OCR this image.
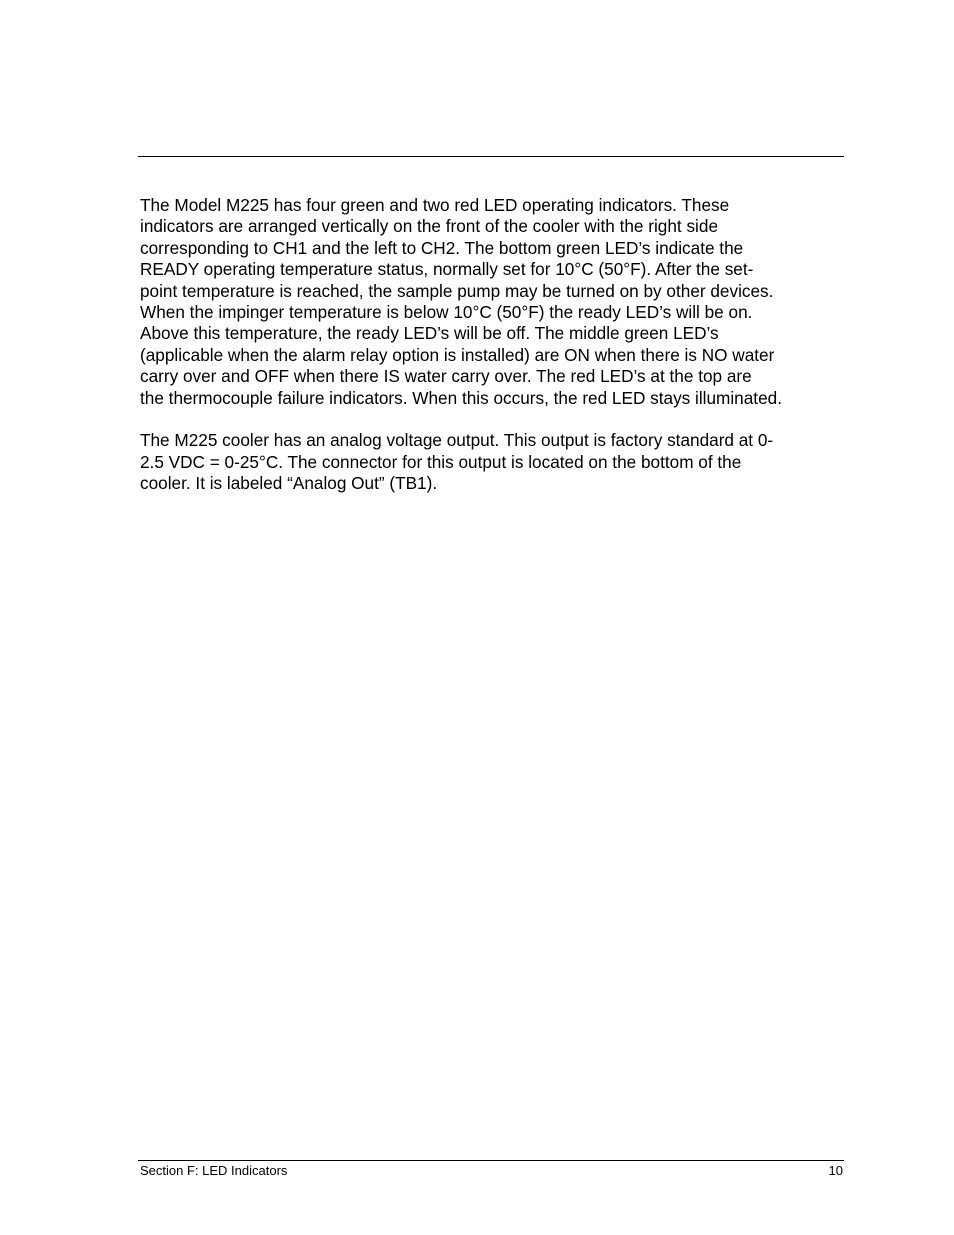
The Model M225 has four green and two red LED operating indicators. These
indicators are arranged vertically on the front of the cooler with the right side
corresponding to CH1 and the left to CH2. The bottom green LED’s indicate the
READY operating temperature status, normally set for 10°C (50°F). After the set-
point temperature is reached, the sample pump may be turned on by other devices.
When the impinger temperature is below 10°C (50°F) the ready LED’s will be on.
Above this temperature, the ready LED’s will be off. The middle green LED’s
(applicable when the alarm relay option is installed) are ON when there is NO water
carry over and OFF when there IS water carry over. The red LED’s at the top are
the thermocouple failure indicators. When this occurs, the red LED stays illuminated.

The M225 cooler has an analog voltage output. This output is factory standard at 0-
2.5 VDC = 0-25°C. The connector for this output is located on the bottom of the
cooler. It is labeled “Analog Out” (TB1).

Section F: LED Indicators	10
